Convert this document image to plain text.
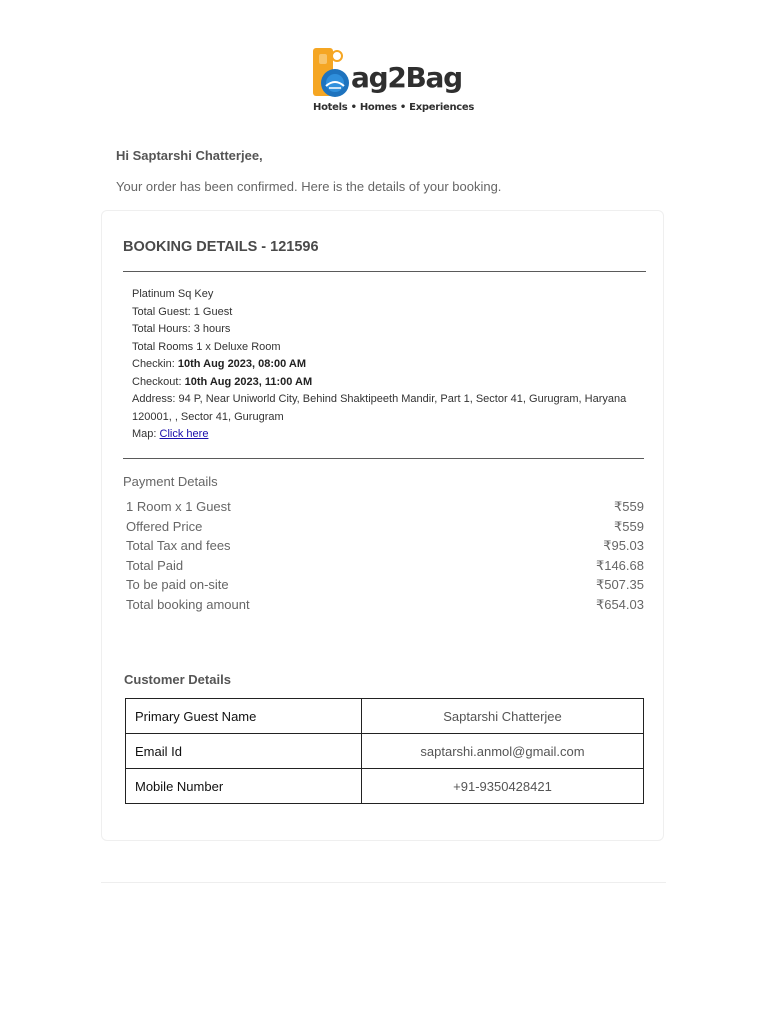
ag2Bag
Hotels • Homes • Experiences
Hi Saptarshi Chatterjee,
Your order has been confirmed. Here is the details of your booking.
BOOKING DETAILS - 121596
Platinum Sq Key
Total Guest: 1 Guest
Total Hours: 3 hours
Total Rooms 1 x Deluxe Room
Checkin: 10th Aug 2023, 08:00 AM
Checkout: 10th Aug 2023, 11:00 AM
Address: 94 P, Near Uniworld City, Behind Shaktipeeth Mandir, Part 1, Sector 41, Gurugram, Haryana 120001, , Sector 41, Gurugram
Map: Click here
Payment Details
1 Room x 1 Guest	₹559
Offered Price	₹559
Total Tax and fees	₹95.03
Total Paid	₹146.68
To be paid on-site	₹507.35
Total booking amount	₹654.03
Customer Details
Primary Guest Name	Saptarshi Chatterjee
Email Id	saptarshi.anmol@gmail.com
Mobile Number	+91-9350428421
